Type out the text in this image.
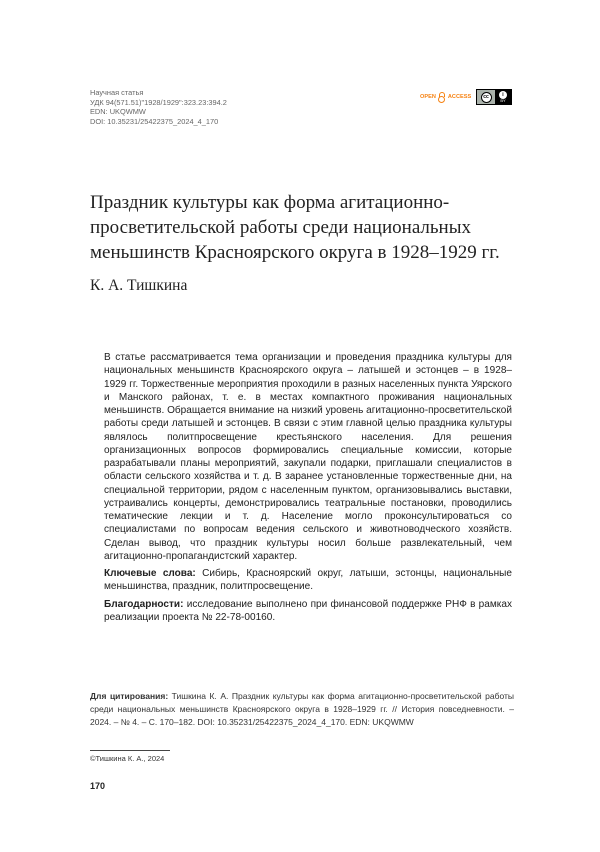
Научная статья
УДК 94(571.51)"1928/1929":323.23:394.2
EDN: UKQWMW
DOI: 10.35231/25422375_2024_4_170
OPEN ACCESS	cc	i
BY
Праздник культуры как форма агитационно-просветительской работы среди национальных меньшинств Красноярского округа в 1928–1929 гг.
К. А. Тишкина

В статье рассматривается тема организации и проведения праздника культуры для национальных меньшинств Красноярского округа – латышей и эстонцев – в 1928–1929 гг. Торжественные мероприятия проходили в разных населенных пункта Уярского и Манского районах, т. е. в местах компактного проживания национальных меньшинств. Обращается внимание на низкий уровень агитационно-просветительской работы среди латышей и эстонцев. В связи с этим главной целью праздника культуры являлось политпросвещение крестьянского населения. Для решения организационных вопросов формировались специальные комиссии, которые разрабатывали планы мероприятий, закупали подарки, приглашали специалистов в области сельского хозяйства и т. д. В заранее установленные торжественные дни, на специальной территории, рядом с населенным пунктом, организовывались выставки, устраивались концерты, демонстрировались театральные постановки, проводились тематические лекции и т. д. Население могло проконсультироваться со специалистами по вопросам ведения сельского и животноводческого хозяйств. Сделан вывод, что праздник культуры носил больше развлекательный, чем агитационно-пропагандистский характер.

Ключевые слова: Сибирь, Красноярский округ, латыши, эстонцы, национальные меньшинства, праздник, политпросвещение.

Благодарности: исследование выполнено при финансовой поддержке РНФ в рамках реализации проекта № 22-78-00160.

Для цитирования: Тишкина К. А. Праздник культуры как форма агитационно-просветительской работы среди национальных меньшинств Красноярского округа в 1928–1929 гг. // История повседневности. – 2024. – № 4. – С. 170–182. DOI: 10.35231/25422375_2024_4_170. EDN: UKQWMW
©Тишкина К. А., 2024
170
